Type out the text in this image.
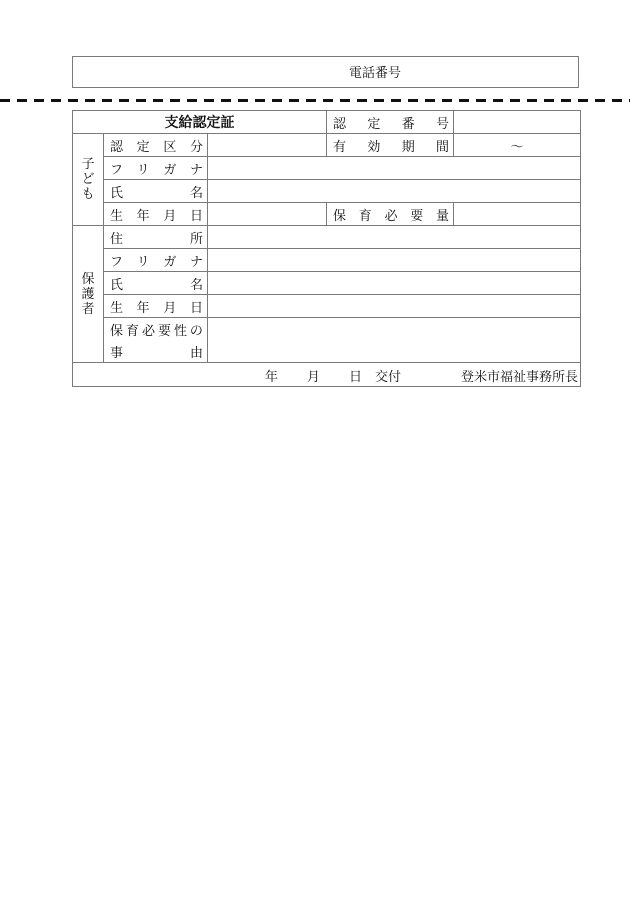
電話番号
支給認定証			認 定 番 号	

子ども	認 定 区 分		有 効 期 間	～

	フ リ ガ ナ			

	氏 名			

	生 年 月 日		保 育 必 要 量	

保護者	住 所			

	フ リ ガ ナ			

	氏 名			

	生 年 月 日			

保 育 必 要 性 の
事	由

年 月 日 交付 登米市福祉事務所長				
